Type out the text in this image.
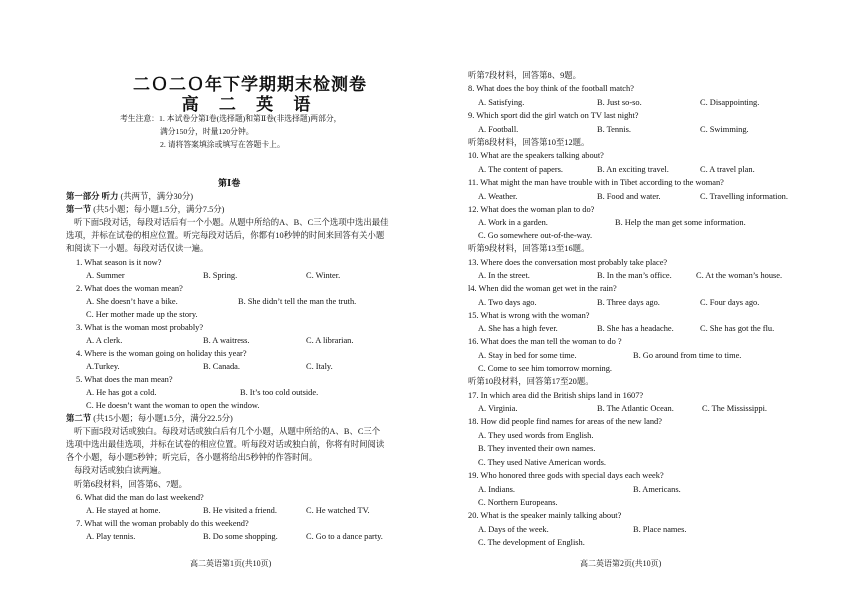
二Ｏ二Ｏ年下学期期末检测卷
高 二 英 语
考生注意：1. 本试卷分第Ⅰ卷(选择题)和第Ⅱ卷(非选择题)两部分，
满分150分，时量120分钟。
2. 请将答案填涂或填写在答题卡上。
第Ⅰ卷
第一部分 听力 (共两节，满分30分)
第一节 (共5小题；每小题1.5分，满分7.5分)
听下面5段对话，每段对话后有一个小题。从题中所给的A、B、C三个选项中选出最佳
选项，并标在试卷的相应位置。听完每段对话后，你都有10秒钟的时间来回答有关小题
和阅读下一小题。每段对话仅读一遍。
1. What season is it now?
A. Summer	B. Spring.	C. Winter.
2. What does the woman mean?
A. She doesn’t have a bike.	B. She didn’t tell the man the truth.
C. Her mother made up the story.
3. What is the woman most probably?
A. A clerk.	B. A waitress.	C. A librarian.
4. Where is the woman going on holiday this year?
A.Turkey.	B. Canada.	C. Italy.
5. What does the man mean?
A. He has got a cold.	B. It’s too cold outside.
C. He doesn’t want the woman to open the window.
第二节 (共15小题；每小题1.5分，满分22.5分)
听下面5段对话或独白。每段对话或独白后有几个小题，从题中所给的A、B、C三个
选项中选出最佳选项，并标在试卷的相应位置。听每段对话或独白前，你将有时间阅读
各个小题，每小题5秒钟；听完后，各小题将给出5秒钟的作答时间。
每段对话或独白读两遍。
听第6段材料，回答第6、7题。
6. What did the man do last weekend?
A. He stayed at home.	B. He visited a friend.	C. He watched TV.
7. What will the woman probably do this weekend?
A. Play tennis.	B. Do some shopping.	C. Go to a dance party.
高二英语第1页(共10页)
听第7段材料，回答第8、9题。
8. What does the boy think of the football match?
A. Satisfying.	B. Just so-so.	C. Disappointing.
9. Which sport did the girl watch on TV last night?
A. Football.	B. Tennis.	C. Swimming.
听第8段材料，回答第10至12题。
10. What are the speakers talking about?
A. The content of papers.	B. An exciting travel.	C. A travel plan.
11. What might the man have trouble with in Tibet according to the woman?
A. Weather.	B. Food and water.	C. Travelling information.
12. What does the woman plan to do?
A. Work in a garden.	B. Help the man get some information.
C. Go somewhere out-of-the-way.
听第9段材料，回答第13至16题。
13. Where does the conversation most probably take place?
A. In the street.	B. In the man’s office.	C. At the woman’s house.
l4. When did the woman get wet in the rain?
A. Two days ago.	B. Three days ago.	C. Four days ago.
15. What is wrong with the woman?
A. She has a high fever.	B. She has a headache.	C. She has got the flu.
16. What does the man tell the woman to do ?
A. Stay in bed for some time.	B. Go around from time to time.
C. Come to see him tomorrow morning.
听第10段材料，回答第17至20题。
17. In which area did the British ships land in 1607?
A. Virginia.	B. The Atlantic Ocean.	C. The Mississippi.
18. How did people find names for areas of the new land?
A. They used words from English.
B. They invented their own names.
C. They used Native American words.
19. Who honored three gods with special days each week?
A. Indians.	B. Americans.
C. Northern Europeans.
20. What is the speaker mainly talking about?
A. Days of the week.	B. Place names.
C. The development of English.
高二英语第2页(共10页)
